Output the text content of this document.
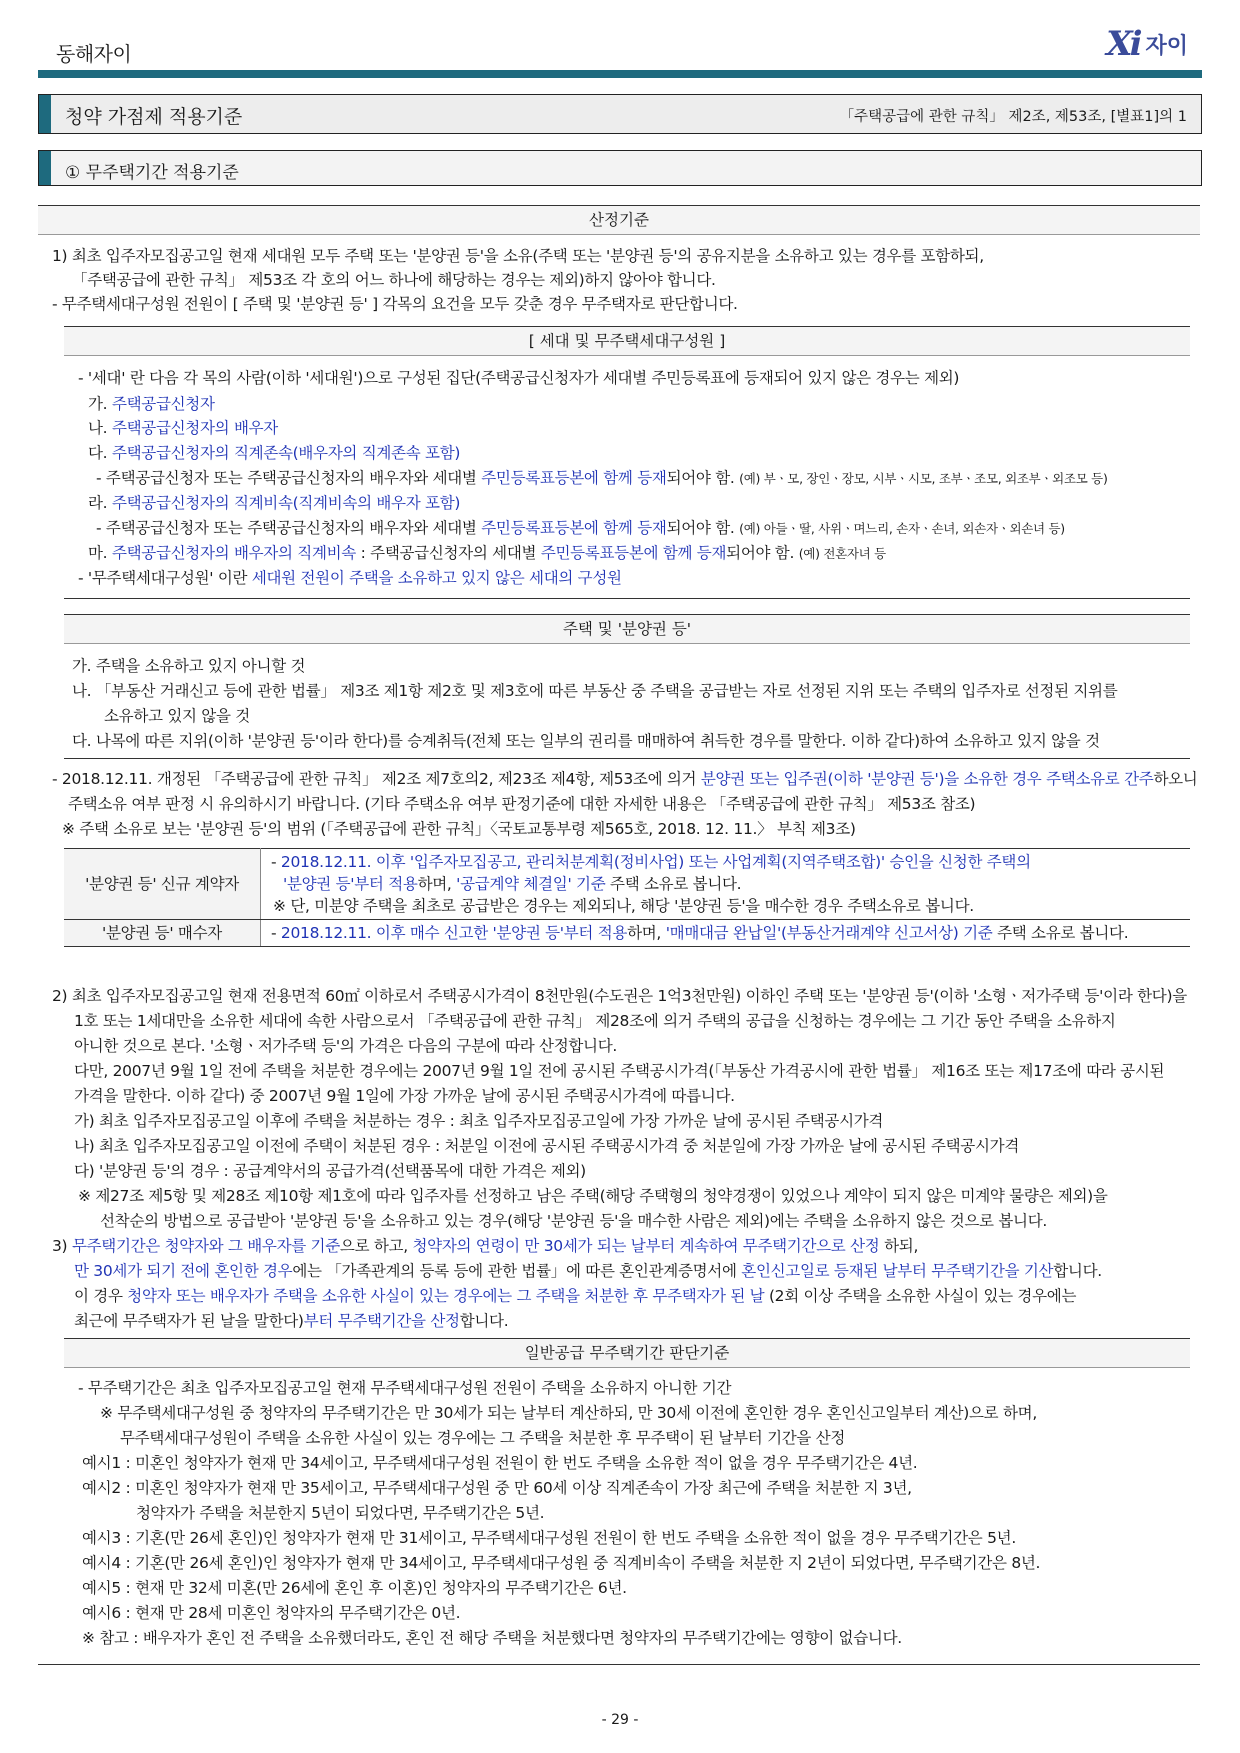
동해자이	Xi 자이
청약 가점제 적용기준	「주택공급에 관한 규칙」 제2조, 제53조, [별표1]의 1
① 무주택기간 적용기준
산정기준
1) 최초 입주자모집공고일 현재 세대원 모두 주택 또는 '분양권 등'을 소유(주택 또는 '분양권 등'의 공유지분을 소유하고 있는 경우를 포함하되,
「주택공급에 관한 규칙」 제53조 각 호의 어느 하나에 해당하는 경우는 제외)하지 않아야 합니다.
- 무주택세대구성원 전원이 [ 주택 및 '분양권 등' ] 각목의 요건을 모두 갖춘 경우 무주택자로 판단합니다.
[ 세대 및 무주택세대구성원 ]
- '세대' 란 다음 각 목의 사람(이하 '세대원')으로 구성된 집단(주택공급신청자가 세대별 주민등록표에 등재되어 있지 않은 경우는 제외)
가. 주택공급신청자
나. 주택공급신청자의 배우자
다. 주택공급신청자의 직계존속(배우자의 직계존속 포함)
- 주택공급신청자 또는 주택공급신청자의 배우자와 세대별 주민등록표등본에 함께 등재되어야 함. (예) 부ㆍ모, 장인ㆍ장모, 시부ㆍ시모, 조부ㆍ조모, 외조부ㆍ외조모 등)
라. 주택공급신청자의 직계비속(직계비속의 배우자 포함)
- 주택공급신청자 또는 주택공급신청자의 배우자와 세대별 주민등록표등본에 함께 등재되어야 함. (예) 아들ㆍ딸, 사위ㆍ며느리, 손자ㆍ손녀, 외손자ㆍ외손녀 등)
마. 주택공급신청자의 배우자의 직계비속 : 주택공급신청자의 세대별 주민등록표등본에 함께 등재되어야 함. (예) 전혼자녀 등
- '무주택세대구성원' 이란 세대원 전원이 주택을 소유하고 있지 않은 세대의 구성원
주택 및 '분양권 등'
가. 주택을 소유하고 있지 아니할 것
나. 「부동산 거래신고 등에 관한 법률」 제3조 제1항 제2호 및 제3호에 따른 부동산 중 주택을 공급받는 자로 선정된 지위 또는 주택의 입주자로 선정된 지위를
소유하고 있지 않을 것
다. 나목에 따른 지위(이하 '분양권 등'이라 한다)를 승계취득(전체 또는 일부의 권리를 매매하여 취득한 경우를 말한다. 이하 같다)하여 소유하고 있지 않을 것
- 2018.12.11. 개정된 「주택공급에 관한 규칙」 제2조 제7호의2, 제23조 제4항, 제53조에 의거 분양권 또는 입주권(이하 '분양권 등')을 소유한 경우 주택소유로 간주하오니
주택소유 여부 판정 시 유의하시기 바랍니다. (기타 주택소유 여부 판정기준에 대한 자세한 내용은 「주택공급에 관한 규칙」 제53조 참조)
※ 주택 소유로 보는 '분양권 등'의 범위 (「주택공급에 관한 규칙」〈국토교통부령 제565호, 2018. 12. 11.〉 부칙 제3조)
'분양권 등' 신규 계약자	- 2018.12.11. 이후 '입주자모집공고, 관리처분계획(정비사업) 또는 사업계획(지역주택조합)' 승인을 신청한 주택의
'분양권 등'부터 적용하며, '공급계약 체결일' 기준 주택 소유로 봅니다.
※ 단, 미분양 주택을 최초로 공급받은 경우는 제외되나, 해당 '분양권 등'을 매수한 경우 주택소유로 봅니다.

'분양권 등' 매수자	- 2018.12.11. 이후 매수 신고한 '분양권 등'부터 적용하며, '매매대금 완납일'(부동산거래계약 신고서상) 기준 주택 소유로 봅니다.
2) 최초 입주자모집공고일 현재 전용면적 60㎡ 이하로서 주택공시가격이 8천만원(수도권은 1억3천만원) 이하인 주택 또는 '분양권 등'(이하 '소형ㆍ저가주택 등'이라 한다)을
1호 또는 1세대만을 소유한 세대에 속한 사람으로서 「주택공급에 관한 규칙」 제28조에 의거 주택의 공급을 신청하는 경우에는 그 기간 동안 주택을 소유하지
아니한 것으로 본다. '소형ㆍ저가주택 등'의 가격은 다음의 구분에 따라 산정합니다.
다만, 2007년 9월 1일 전에 주택을 처분한 경우에는 2007년 9월 1일 전에 공시된 주택공시가격(「부동산 가격공시에 관한 법률」 제16조 또는 제17조에 따라 공시된
가격을 말한다. 이하 같다) 중 2007년 9월 1일에 가장 가까운 날에 공시된 주택공시가격에 따릅니다.
가) 최초 입주자모집공고일 이후에 주택을 처분하는 경우 : 최초 입주자모집공고일에 가장 가까운 날에 공시된 주택공시가격
나) 최초 입주자모집공고일 이전에 주택이 처분된 경우 : 처분일 이전에 공시된 주택공시가격 중 처분일에 가장 가까운 날에 공시된 주택공시가격
다) '분양권 등'의 경우 : 공급계약서의 공급가격(선택품목에 대한 가격은 제외)
※ 제27조 제5항 및 제28조 제10항 제1호에 따라 입주자를 선정하고 남은 주택(해당 주택형의 청약경쟁이 있었으나 계약이 되지 않은 미계약 물량은 제외)을
선착순의 방법으로 공급받아 '분양권 등'을 소유하고 있는 경우(해당 '분양권 등'을 매수한 사람은 제외)에는 주택을 소유하지 않은 것으로 봅니다.
3) 무주택기간은 청약자와 그 배우자를 기준으로 하고, 청약자의 연령이 만 30세가 되는 날부터 계속하여 무주택기간으로 산정 하되,
만 30세가 되기 전에 혼인한 경우에는 「가족관계의 등록 등에 관한 법률」에 따른 혼인관계증명서에 혼인신고일로 등재된 날부터 무주택기간을 기산합니다.
이 경우 청약자 또는 배우자가 주택을 소유한 사실이 있는 경우에는 그 주택을 처분한 후 무주택자가 된 날 (2회 이상 주택을 소유한 사실이 있는 경우에는
최근에 무주택자가 된 날을 말한다)부터 무주택기간을 산정합니다.
일반공급 무주택기간 판단기준
- 무주택기간은 최초 입주자모집공고일 현재 무주택세대구성원 전원이 주택을 소유하지 아니한 기간
※ 무주택세대구성원 중 청약자의 무주택기간은 만 30세가 되는 날부터 계산하되, 만 30세 이전에 혼인한 경우 혼인신고일부터 계산)으로 하며,
무주택세대구성원이 주택을 소유한 사실이 있는 경우에는 그 주택을 처분한 후 무주택이 된 날부터 기간을 산정
예시1 : 미혼인 청약자가 현재 만 34세이고, 무주택세대구성원 전원이 한 번도 주택을 소유한 적이 없을 경우 무주택기간은 4년.
예시2 : 미혼인 청약자가 현재 만 35세이고, 무주택세대구성원 중 만 60세 이상 직계존속이 가장 최근에 주택을 처분한 지 3년,
청약자가 주택을 처분한지 5년이 되었다면, 무주택기간은 5년.
예시3 : 기혼(만 26세 혼인)인 청약자가 현재 만 31세이고, 무주택세대구성원 전원이 한 번도 주택을 소유한 적이 없을 경우 무주택기간은 5년.
예시4 : 기혼(만 26세 혼인)인 청약자가 현재 만 34세이고, 무주택세대구성원 중 직계비속이 주택을 처분한 지 2년이 되었다면, 무주택기간은 8년.
예시5 : 현재 만 32세 미혼(만 26세에 혼인 후 이혼)인 청약자의 무주택기간은 6년.
예시6 : 현재 만 28세 미혼인 청약자의 무주택기간은 0년.
※ 참고 : 배우자가 혼인 전 주택을 소유했더라도, 혼인 전 해당 주택을 처분했다면 청약자의 무주택기간에는 영향이 없습니다.
- 29 -
